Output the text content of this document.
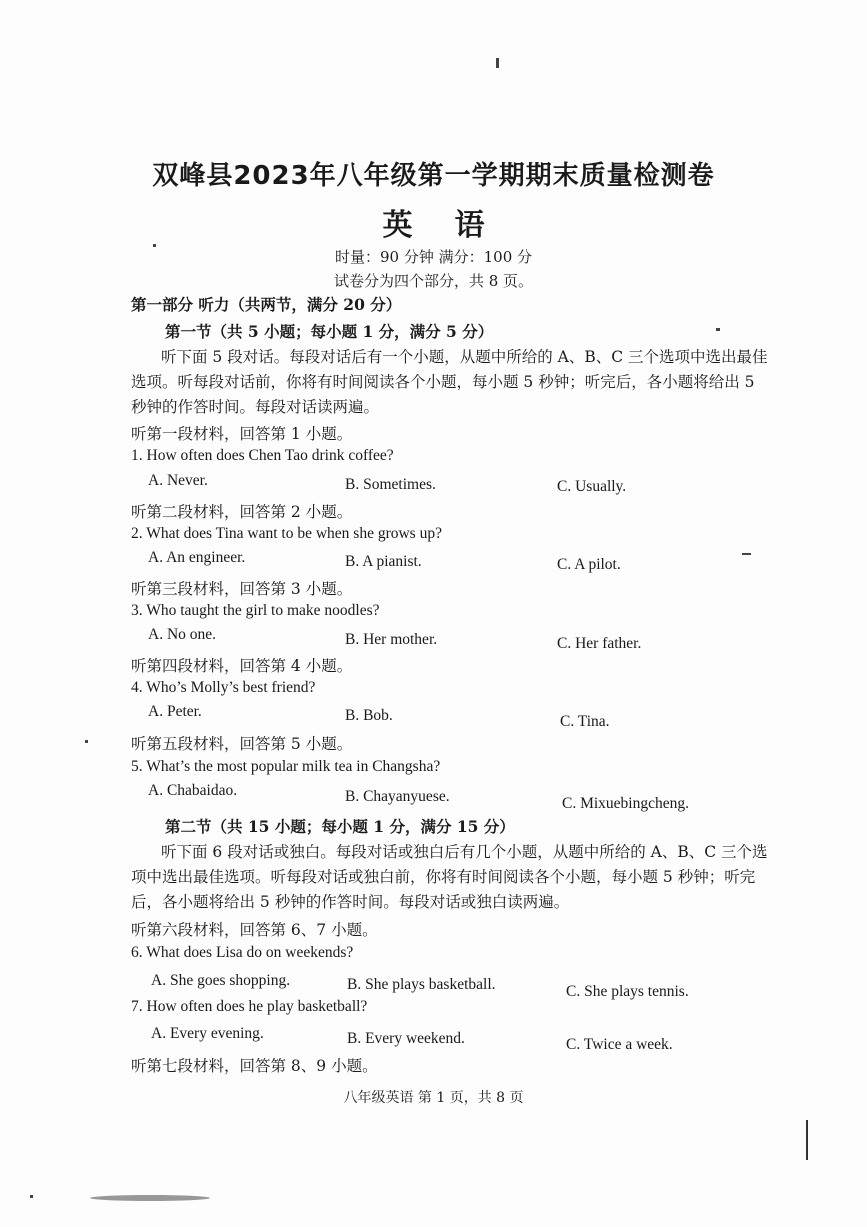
双峰县2023年八年级第一学期期末质量检测卷
英语
时量：90 分钟 满分：100 分
试卷分为四个部分，共 8 页。
第一部分 听力（共两节，满分 20 分）
第一节（共 5 小题；每小题 1 分，满分 5 分）
听下面 5 段对话。每段对话后有一个小题，从题中所给的 A、B、C 三个选项中选出最佳选项。听每段对话前，你将有时间阅读各个小题，每小题 5 秒钟；听完后，各小题将给出 5 秒钟的作答时间。每段对话读两遍。
听第一段材料，回答第 1 小题。
1. How often does Chen Tao drink coffee?
A. Never.	B. Sometimes.	C. Usually.
听第二段材料，回答第 2 小题。
2. What does Tina want to be when she grows up?
A. An engineer.	B. A pianist.	C. A pilot.
听第三段材料，回答第 3 小题。
3. Who taught the girl to make noodles?
A. No one.	B. Her mother.	C. Her father.
听第四段材料，回答第 4 小题。
4. Who’s Molly’s best friend?
A. Peter.	B. Bob.	C. Tina.
听第五段材料，回答第 5 小题。
5. What’s the most popular milk tea in Changsha?
A. Chabaidao.	B. Chayanyuese.	C. Mixuebingcheng.
第二节（共 15 小题；每小题 1 分，满分 15 分）
听下面 6 段对话或独白。每段对话或独白后有几个小题，从题中所给的 A、B、C 三个选项中选出最佳选项。听每段对话或独白前，你将有时间阅读各个小题，每小题 5 秒钟；听完后，各小题将给出 5 秒钟的作答时间。每段对话或独白读两遍。
听第六段材料，回答第 6、7 小题。
6. What does Lisa do on weekends?
A. She goes shopping.	B. She plays basketball.	C. She plays tennis.
7. How often does he play basketball?
A. Every evening.	B. Every weekend.	C. Twice a week.
听第七段材料，回答第 8、9 小题。
八年级英语 第 1 页，共 8 页
